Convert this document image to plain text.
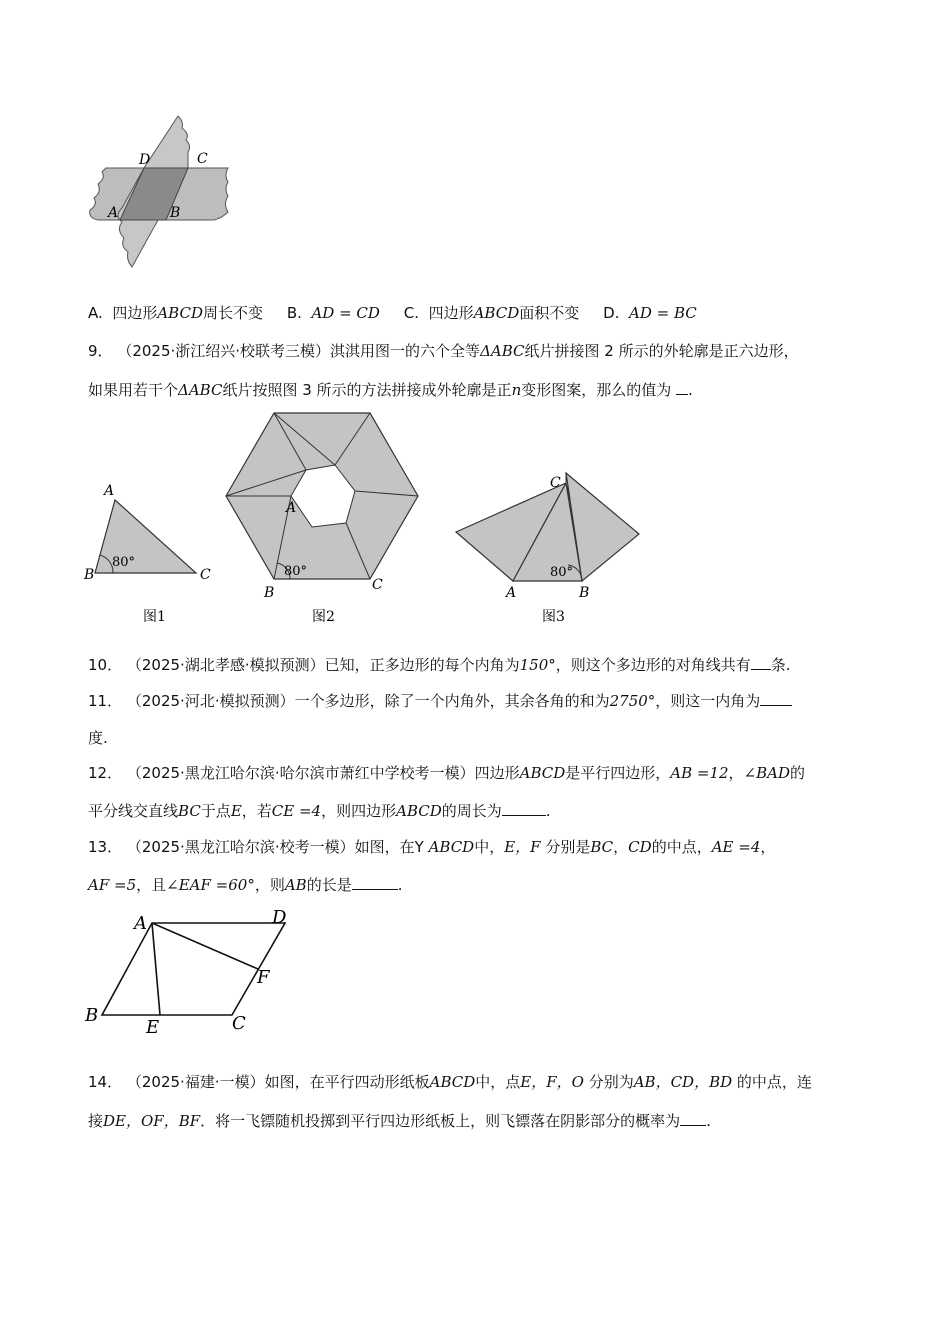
D	C
A	B
A. 四边形ABCD周长不变 B. AD = CD C. 四边形ABCD面积不变 D. AD = BC
9． （2025·浙江绍兴·校联考三模）淇淇用图一的六个全等ΔABC纸片拼接图 2 所示的外轮廓是正六边形，
如果用若干个ΔABC纸片按照图 3 所示的方法拼接成外轮廓是正n变形图案，那么的值为 .
A
B	C
80°
图1
A
B	C
80°
图2
C
A	B
80°
图3
10． （2025·湖北孝感·模拟预测）已知，正多边形的每个内角为150°，则这个多边形的对角线共有 条.
11． （2025·河北·模拟预测）一个多边形，除了一个内角外，其余各角的和为2750°，则这一内角为
度.
12． （2025·黑龙江哈尔滨·哈尔滨市萧红中学校考一模）四边形ABCD是平行四边形，AB =12，∠BAD的
平分线交直线BC于点E，若CE =4，则四边形ABCD的周长为	.
13． （2025·黑龙江哈尔滨·校考一模）如图，在Y ABCD中，E，F 分别是BC，CD的中点，AE =4，
AF =5，且∠EAF =60°，则AB的长是	.
A	D
F
B
E	C
14． （2025·福建·一模）如图，在平行四动形纸板ABCD中，点E，F，O 分别为AB，CD，BD 的中点，连
接DE，OF，BF．将一飞镖随机投掷到平行四边形纸板上，则飞镖落在阴影部分的概率为 .
